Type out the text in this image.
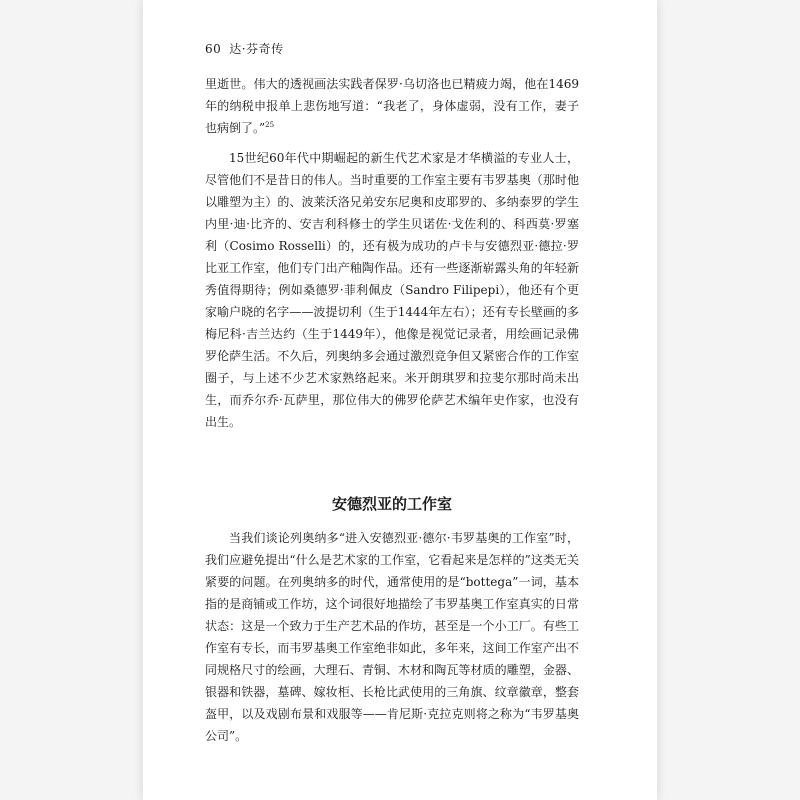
60 达·芬奇传

里逝世。伟大的透视画法实践者保罗·乌切洛也已精疲力竭，他在1469年的纳税申报单上悲伤地写道：“我老了，身体虚弱，没有工作，妻子也病倒了。”$^{25}$

15世纪60年代中期崛起的新生代艺术家是才华横溢的专业人士，尽管他们不是昔日的伟人。当时重要的工作室主要有韦罗基奥（那时他以雕塑为主）的、波莱沃洛兄弟安东尼奥和皮耶罗的、多纳泰罗的学生内里·迪·比齐的、安吉利科修士的学生贝诺佐·戈佐利的、科西莫·罗塞利（Cosimo Rosselli）的，还有极为成功的卢卡与安德烈亚·德拉·罗比亚工作室，他们专门出产釉陶作品。还有一些逐渐崭露头角的年轻新秀值得期待；例如桑德罗·菲利佩皮（Sandro Filipepi），他还有个更家喻户晓的名字——波提切利（生于1444年左右）；还有专长壁画的多梅尼科·吉兰达约（生于1449年），他像是视觉记录者，用绘画记录佛罗伦萨生活。不久后，列奥纳多会通过激烈竞争但又紧密合作的工作室圈子，与上述不少艺术家熟络起来。米开朗琪罗和拉斐尔那时尚未出生，而乔尔乔·瓦萨里，那位伟大的佛罗伦萨艺术编年史作家，也没有出生。

安德烈亚的工作室

当我们谈论列奥纳多“进入安德烈亚·德尔·韦罗基奥的工作室”时，我们应避免提出“什么是艺术家的工作室，它看起来是怎样的”这类无关紧要的问题。在列奥纳多的时代，通常使用的是“bottega”一词，基本指的是商铺或工作坊，这个词很好地描绘了韦罗基奥工作室真实的日常状态：这是一个致力于生产艺术品的作坊，甚至是一个小工厂。有些工作室有专长，而韦罗基奥工作室绝非如此，多年来，这间工作室产出不同规格尺寸的绘画，大理石、青铜、木材和陶瓦等材质的雕塑，金器、银器和铁器，墓碑、嫁妆柜、长枪比武使用的三角旗、纹章徽章，整套盔甲，以及戏剧布景和戏服等——肯尼斯·克拉克则将之称为“韦罗基奥公司”。
